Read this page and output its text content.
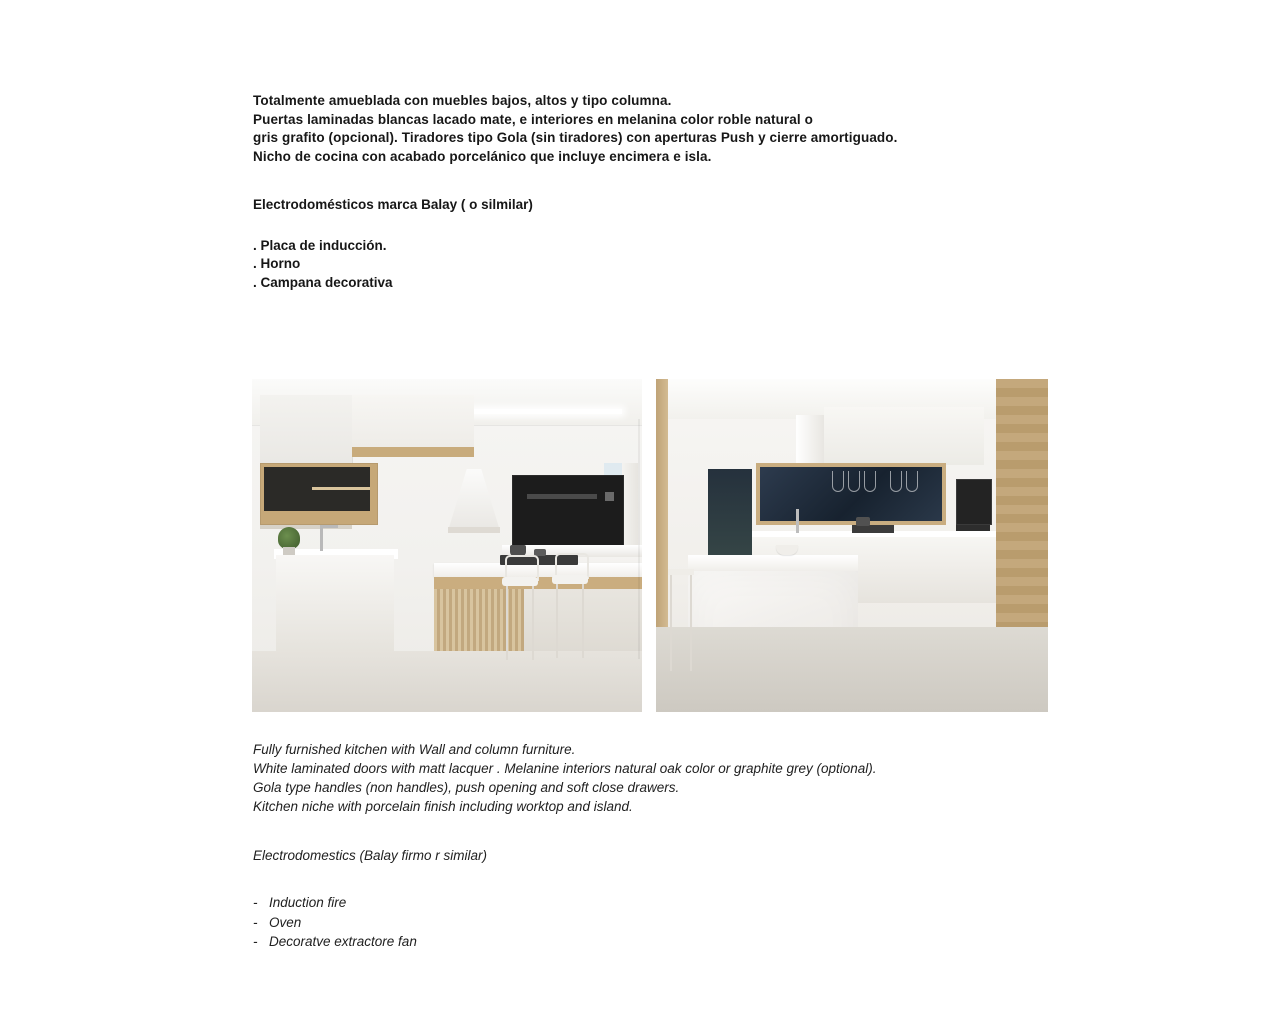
Totalmente amueblada con muebles bajos, altos y tipo columna.
Puertas laminadas blancas lacado mate, e interiores en melanina color roble natural o
gris grafito (opcional). Tiradores tipo Gola (sin tiradores) con aperturas Push y cierre amortiguado.
Nicho de cocina con acabado porcelánico que incluye encimera e isla.
Electrodomésticos marca Balay ( o silmilar)
. Placa de inducción.
. Horno
. Campana decorativa
Fully furnished kitchen with Wall and column furniture.
White laminated doors with matt lacquer . Melanine interiors natural oak color or graphite grey (optional).
Gola type handles (non handles), push opening and soft close drawers.
Kitchen niche with porcelain finish including worktop and island.
Electrodomestics (Balay firmo r similar)
- Induction fire
- Oven
- Decoratve extractore fan
